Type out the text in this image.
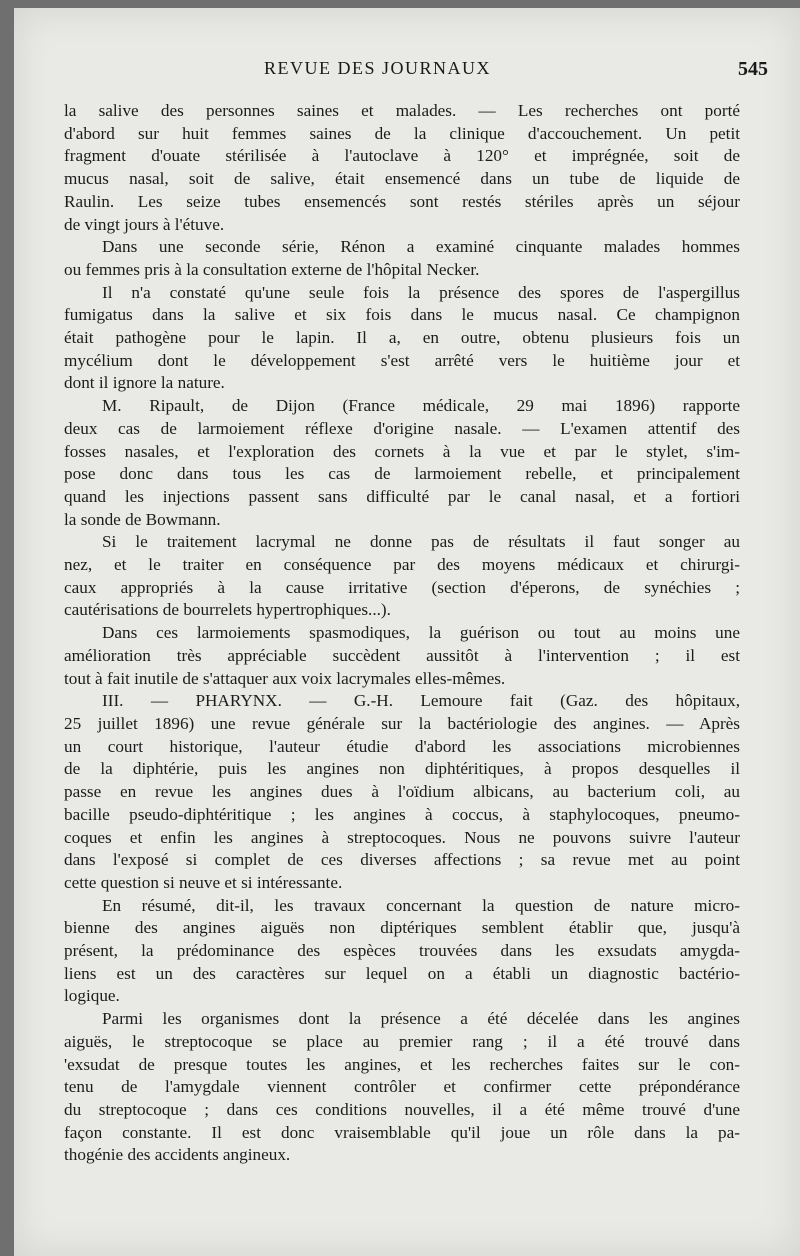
REVUE DES JOURNAUX	545

la salive des personnes saines et malades. — Les recherches ont porté
d'abord sur huit femmes saines de la clinique d'accouchement. Un petit
fragment d'ouate stérilisée à l'autoclave à 120° et imprégnée, soit de
mucus nasal, soit de salive, était ensemencé dans un tube de liquide de
Raulin. Les seize tubes ensemencés sont restés stériles après un séjour
de vingt jours à l'étuve.

Dans une seconde série, Rénon a examiné cinquante malades hommes
ou femmes pris à la consultation externe de l'hôpital Necker.

Il n'a constaté qu'une seule fois la présence des spores de l'aspergillus
fumigatus dans la salive et six fois dans le mucus nasal. Ce champignon
était pathogène pour le lapin. Il a, en outre, obtenu plusieurs fois un
mycélium dont le développement s'est arrêté vers le huitième jour et
dont il ignore la nature.

M. Ripault, de Dijon (France médicale, 29 mai 1896) rapporte
deux cas de larmoiement réflexe d'origine nasale. — L'examen attentif des
fosses nasales, et l'exploration des cornets à la vue et par le stylet, s'im-
pose donc dans tous les cas de larmoiement rebelle, et principalement
quand les injections passent sans difficulté par le canal nasal, et a fortiori
la sonde de Bowmann.

Si le traitement lacrymal ne donne pas de résultats il faut songer au
nez, et le traiter en conséquence par des moyens médicaux et chirurgi-
caux appropriés à la cause irritative (section d'éperons, de synéchies ;
cautérisations de bourrelets hypertrophiques...).

Dans ces larmoiements spasmodiques, la guérison ou tout au moins une
amélioration très appréciable succèdent aussitôt à l'intervention ; il est
tout à fait inutile de s'attaquer aux voix lacrymales elles-mêmes.

III. — PHARYNX. — G.-H. Lemoure fait (Gaz. des hôpitaux,
25 juillet 1896) une revue générale sur la bactériologie des angines. — Après
un court historique, l'auteur étudie d'abord les associations microbiennes
de la diphtérie, puis les angines non diphtéritiques, à propos desquelles il
passe en revue les angines dues à l'oïdium albicans, au bacterium coli, au
bacille pseudo-diphtéritique ; les angines à coccus, à staphylocoques, pneumo-
coques et enfin les angines à streptocoques. Nous ne pouvons suivre l'auteur
dans l'exposé si complet de ces diverses affections ; sa revue met au point
cette question si neuve et si intéressante.

En résumé, dit-il, les travaux concernant la question de nature micro-
bienne des angines aiguës non diptériques semblent établir que, jusqu'à
présent, la prédominance des espèces trouvées dans les exsudats amygda-
liens est un des caractères sur lequel on a établi un diagnostic bactério-
logique.

Parmi les organismes dont la présence a été décelée dans les angines
aiguës, le streptocoque se place au premier rang ; il a été trouvé dans
'exsudat de presque toutes les angines, et les recherches faites sur le con-
tenu de l'amygdale viennent contrôler et confirmer cette prépondérance
du streptocoque ; dans ces conditions nouvelles, il a été même trouvé d'une
façon constante. Il est donc vraisemblable qu'il joue un rôle dans la pa-
thogénie des accidents angineux.
